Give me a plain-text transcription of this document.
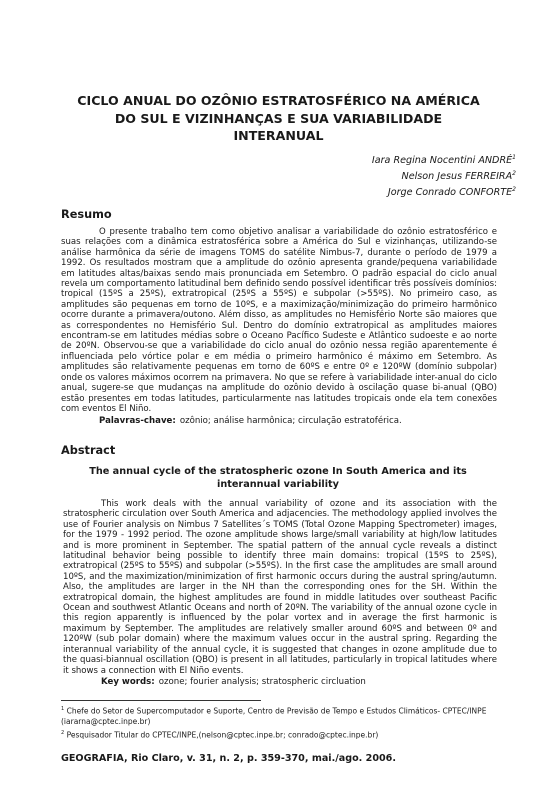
CICLO ANUAL DO OZÔNIO ESTRATOSFÉRICO NA AMÉRICA DO SUL E VIZINHANÇAS E SUA VARIABILIDADE INTERANUAL
Iara Regina Nocentini ANDRÉ$^1$
Nelson Jesus FERREIRA$^2$
Jorge Conrado CONFORTE$^2$
Resumo

O presente trabalho tem como objetivo analisar a variabilidade do ozônio estratosférico e suas relações com a dinâmica estratosférica sobre a América do Sul e vizinhanças, utilizando-se análise harmônica da série de imagens TOMS do satélite Nimbus-7, durante o período de 1979 a 1992. Os resultados mostram que a amplitude do ozônio apresenta grande/pequena variabilidade em latitudes altas/baixas sendo mais pronunciada em Setembro. O padrão espacial do ciclo anual revela um comportamento latitudinal bem definido sendo possível identificar três possíveis domínios: tropical (15ºS a 25ºS), extratropical (25ºS a 55ºS) e subpolar (>55ºS). No primeiro caso, as amplitudes são pequenas em torno de 10ºS, e a maximização/minimização do primeiro harmônico ocorre durante a primavera/outono. Além disso, as amplitudes no Hemisfério Norte são maiores que as correspondentes no Hemisfério Sul. Dentro do domínio extratropical as amplitudes maiores encontram-se em latitudes médias sobre o Oceano Pacífico Sudeste e Atlântico sudoeste e ao norte de 20ºN. Observou-se que a variabilidade do ciclo anual do ozônio nessa região aparentemente é influenciada pelo vórtice polar e em média o primeiro harmônico é máximo em Setembro. As amplitudes são relativamente pequenas em torno de 60ºS e entre 0º e 120ºW (domínio subpolar) onde os valores máximos ocorrem na primavera. No que se refere à variabilidade inter-anual do ciclo anual, sugere-se que mudanças na amplitude do ozônio devido à oscilação quase bi-anual (QBO) estão presentes em todas latitudes, particularmente nas latitudes tropicais onde ela tem conexões com eventos El Niño.

Palavras-chave: ozônio; análise harmônica; circulação estratoférica.
Abstract
The annual cycle of the stratospheric ozone In South America and its interannual variability

This work deals with the annual variability of ozone and its association with the stratospheric circulation over South America and adjacencies. The methodology applied involves the use of Fourier analysis on Nimbus 7 Satellites´s TOMS (Total Ozone Mapping Spectrometer) images, for the 1979 - 1992 period. The ozone amplitude shows large/small variability at high/low latitudes and is more prominent in September. The spatial pattern of the annual cycle reveals a distinct latitudinal behavior being possible to identify three main domains: tropical (15ºS to 25ºS), extratropical (25ºS to 55ºS) and subpolar (>55ºS). In the first case the amplitudes are small around 10ºS, and the maximization/minimization of first harmonic occurs during the austral spring/autumn. Also, the amplitudes are larger in the NH than the corresponding ones for the SH. Within the extratropical domain, the highest amplitudes are found in middle latitudes over southeast Pacific Ocean and southwest Atlantic Oceans and north of 20ºN. The variability of the annual ozone cycle in this region apparently is influenced by the polar vortex and in average the first harmonic is maximum by September. The amplitudes are relatively smaller around 60ºS and between 0º and 120ºW (sub polar domain) where the maximum values occur in the austral spring. Regarding the interannual variability of the annual cycle, it is suggested that changes in ozone amplitude due to the quasi-biannual oscillation (QBO) is present in all latitudes, particularly in tropical latitudes where it shows a connection with El Niño events.

Key words: ozone; fourier analysis; stratospheric circluation
$^1$ Chefe do Setor de Supercomputador e Suporte, Centro de Previsão de Tempo e Estudos Climáticos- CPTEC/INPE (iararna@cptec.inpe.br)
$^2$ Pesquisador Titular do CPTEC/INPE,(nelson@cptec.inpe.br; conrado@cptec.inpe.br)
GEOGRAFIA, Rio Claro, v. 31, n. 2, p. 359-370, mai./ago. 2006.
